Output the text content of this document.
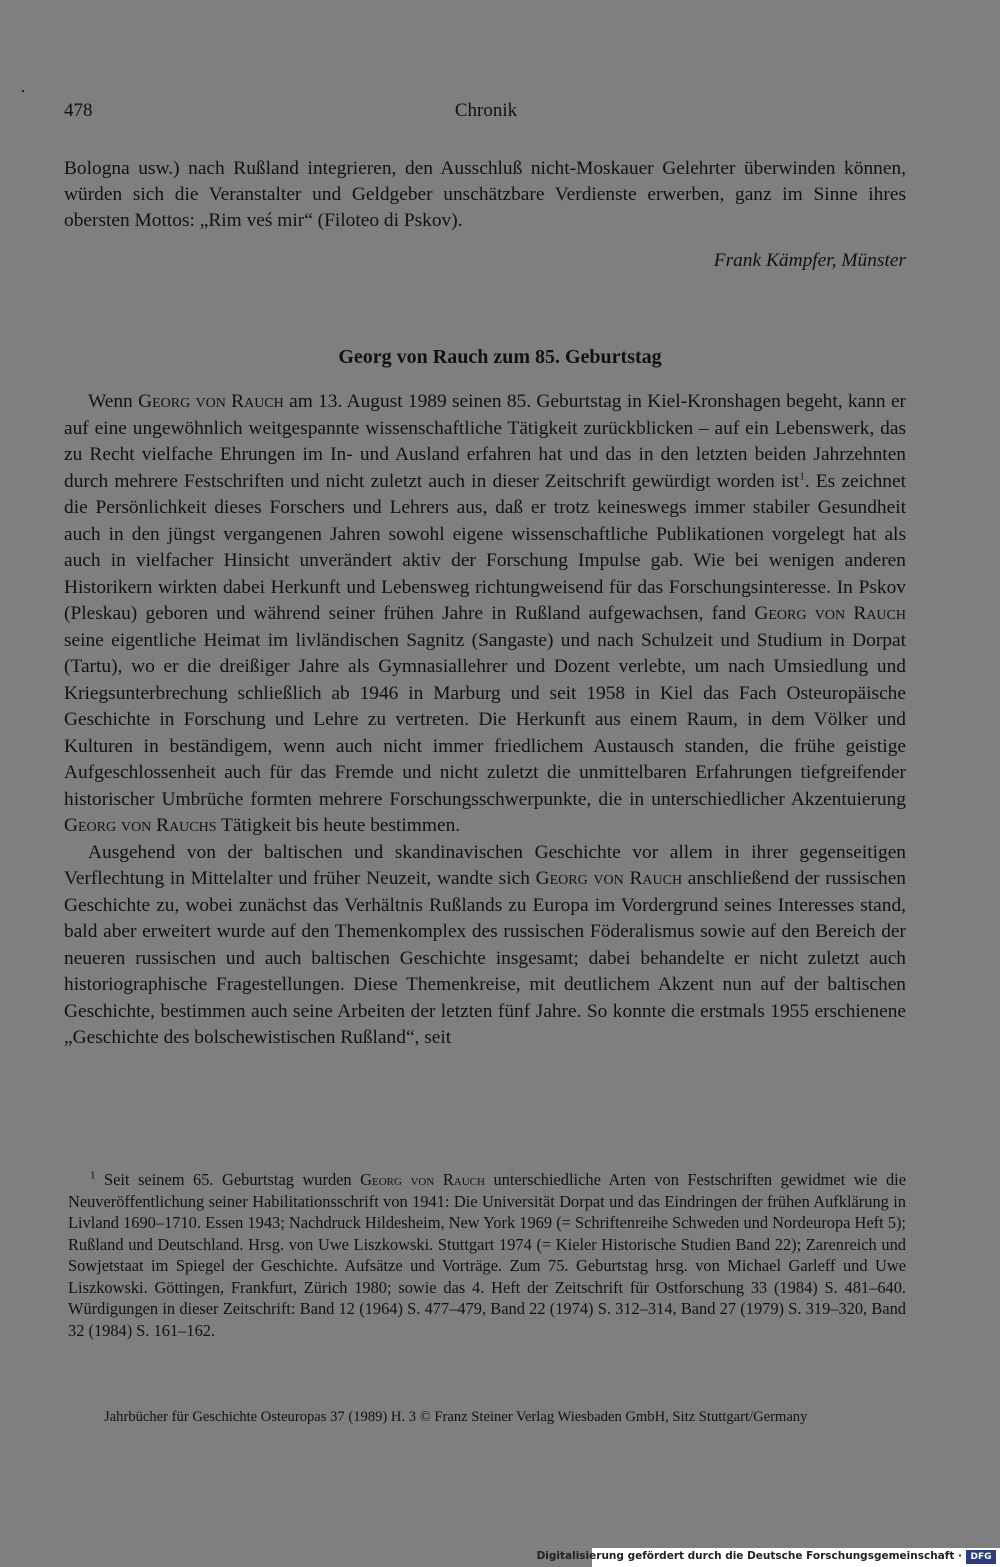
478	Chronik

Bologna usw.) nach Rußland integrieren, den Ausschluß nicht-Moskauer Gelehrter überwinden können, würden sich die Veranstalter und Geldgeber unschätzbare Verdienste erwerben, ganz im Sinne ihres obersten Mottos: „Rim veś mir“ (Filoteo di Pskov).

Frank Kämpfer, Münster
Georg von Rauch zum 85. Geburtstag

Wenn Georg von Rauch am 13. August 1989 seinen 85. Geburtstag in Kiel-Kronshagen begeht, kann er auf eine ungewöhnlich weitgespannte wissenschaftliche Tätigkeit zurückblicken – auf ein Lebenswerk, das zu Recht vielfache Ehrungen im In- und Ausland erfahren hat und das in den letzten beiden Jahrzehnten durch mehrere Festschriften und nicht zuletzt auch in dieser Zeitschrift gewürdigt worden ist$^1$. Es zeichnet die Persönlichkeit dieses Forschers und Lehrers aus, daß er trotz keineswegs immer stabiler Gesundheit auch in den jüngst vergangenen Jahren sowohl eigene wissenschaftliche Publikationen vorgelegt hat als auch in vielfacher Hinsicht unverändert aktiv der Forschung Impulse gab. Wie bei wenigen anderen Historikern wirkten dabei Herkunft und Lebensweg richtungweisend für das Forschungsinteresse. In Pskov (Pleskau) geboren und während seiner frühen Jahre in Rußland aufgewachsen, fand Georg von Rauch seine eigentliche Heimat im livländischen Sagnitz (Sangaste) und nach Schulzeit und Studium in Dorpat (Tartu), wo er die dreißiger Jahre als Gymnasiallehrer und Dozent verlebte, um nach Umsiedlung und Kriegsunterbrechung schließlich ab 1946 in Marburg und seit 1958 in Kiel das Fach Osteuropäische Geschichte in Forschung und Lehre zu vertreten. Die Herkunft aus einem Raum, in dem Völker und Kulturen in beständigem, wenn auch nicht immer friedlichem Austausch standen, die frühe geistige Aufgeschlossenheit auch für das Fremde und nicht zuletzt die unmittelbaren Erfahrungen tiefgreifender historischer Umbrüche formten mehrere Forschungsschwerpunkte, die in unterschiedlicher Akzentuierung Georg von Rauchs Tätigkeit bis heute bestimmen.

Ausgehend von der baltischen und skandinavischen Geschichte vor allem in ihrer gegenseitigen Verflechtung in Mittelalter und früher Neuzeit, wandte sich Georg von Rauch anschließend der russischen Geschichte zu, wobei zunächst das Verhältnis Rußlands zu Europa im Vordergrund seines Interesses stand, bald aber erweitert wurde auf den Themenkomplex des russischen Föderalismus sowie auf den Bereich der neueren russischen und auch baltischen Geschichte insgesamt; dabei behandelte er nicht zuletzt auch historiographische Fragestellungen. Diese Themenkreise, mit deutlichem Akzent nun auf der baltischen Geschichte, bestimmen auch seine Arbeiten der letzten fünf Jahre. So konnte die erstmals 1955 erschienene „Geschichte des bolschewistischen Rußland“, seit

$^1$ Seit seinem 65. Geburtstag wurden Georg von Rauch unterschiedliche Arten von Festschriften gewidmet wie die Neuveröffentlichung seiner Habilitationsschrift von 1941: Die Universität Dorpat und das Eindringen der frühen Aufklärung in Livland 1690–1710. Essen 1943; Nachdruck Hildesheim, New York 1969 (= Schriftenreihe Schweden und Nordeuropa Heft 5); Rußland und Deutschland. Hrsg. von Uwe Liszkowski. Stuttgart 1974 (= Kieler Historische Studien Band 22); Zarenreich und Sowjetstaat im Spiegel der Geschichte. Aufsätze und Vorträge. Zum 75. Geburtstag hrsg. von Michael Garleff und Uwe Liszkowski. Göttingen, Frankfurt, Zürich 1980; sowie das 4. Heft der Zeitschrift für Ostforschung 33 (1984) S. 481–640. Würdigungen in dieser Zeitschrift: Band 12 (1964) S. 477–479, Band 22 (1974) S. 312–314, Band 27 (1979) S. 319–320, Band 32 (1984) S. 161–162.

Jahrbücher für Geschichte Osteuropas 37 (1989) H. 3 © Franz Steiner Verlag Wiesbaden GmbH, Sitz Stuttgart/Germany
Digitalisierung gefördert durch die Deutsche Forschungsgemeinschaft · DFG
